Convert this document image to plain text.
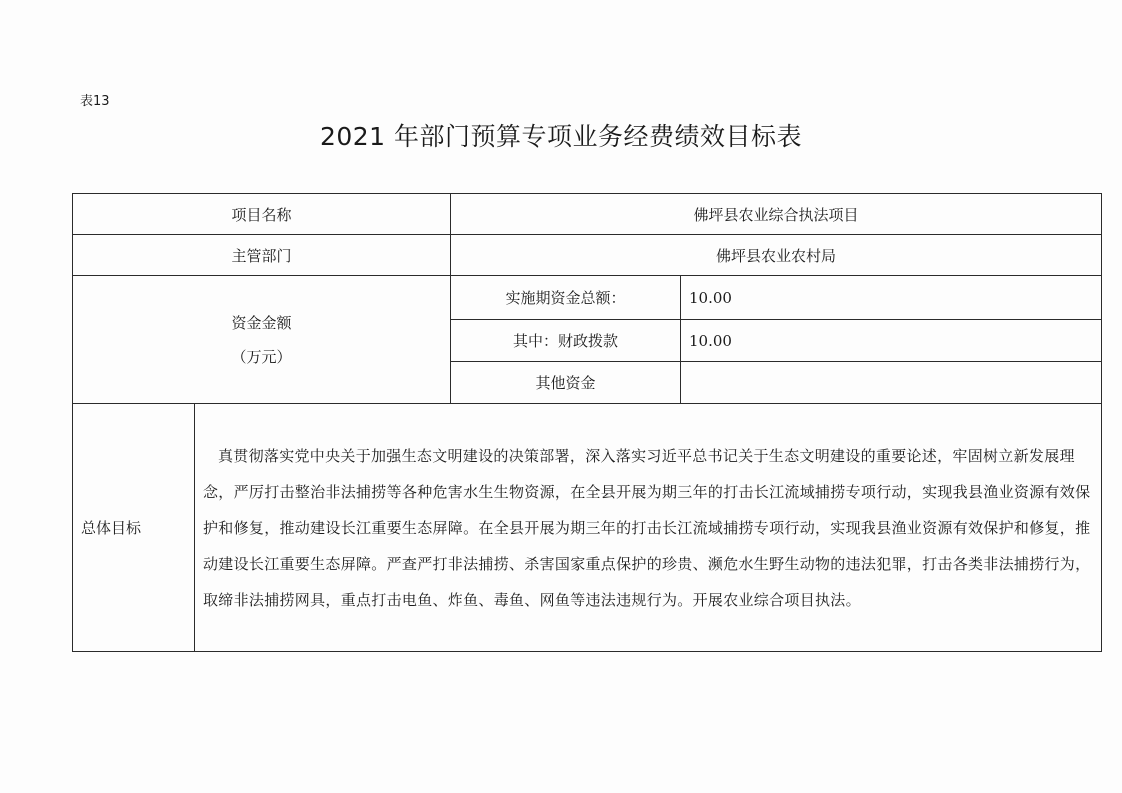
表13
2021 年部门预算专项业务经费绩效目标表
项目名称		佛坪县农业综合执法项目	
主管部门		佛坪县农业农村局	

资金金额
（万元）		实施期资金总额：	10.00
		其中：财政拨款	10.00
		其他资金	
总体目标	真贯彻落实党中央关于加强生态文明建设的决策部署，深入落实习近平总书记关于生态文明建设的重要论述，牢固树立新发展理念，严厉打击整治非法捕捞等各种危害水生生物资源，在全县开展为期三年的打击长江流域捕捞专项行动，实现我县渔业资源有效保护和修复，推动建设长江重要生态屏障。在全县开展为期三年的打击长江流域捕捞专项行动，实现我县渔业资源有效保护和修复，推动建设长江重要生态屏障。严查严打非法捕捞、杀害国家重点保护的珍贵、濒危水生野生动物的违法犯罪，打击各类非法捕捞行为，取缔非法捕捞网具，重点打击电鱼、炸鱼、毒鱼、网鱼等违法违规行为。开展农业综合项目执法。		
